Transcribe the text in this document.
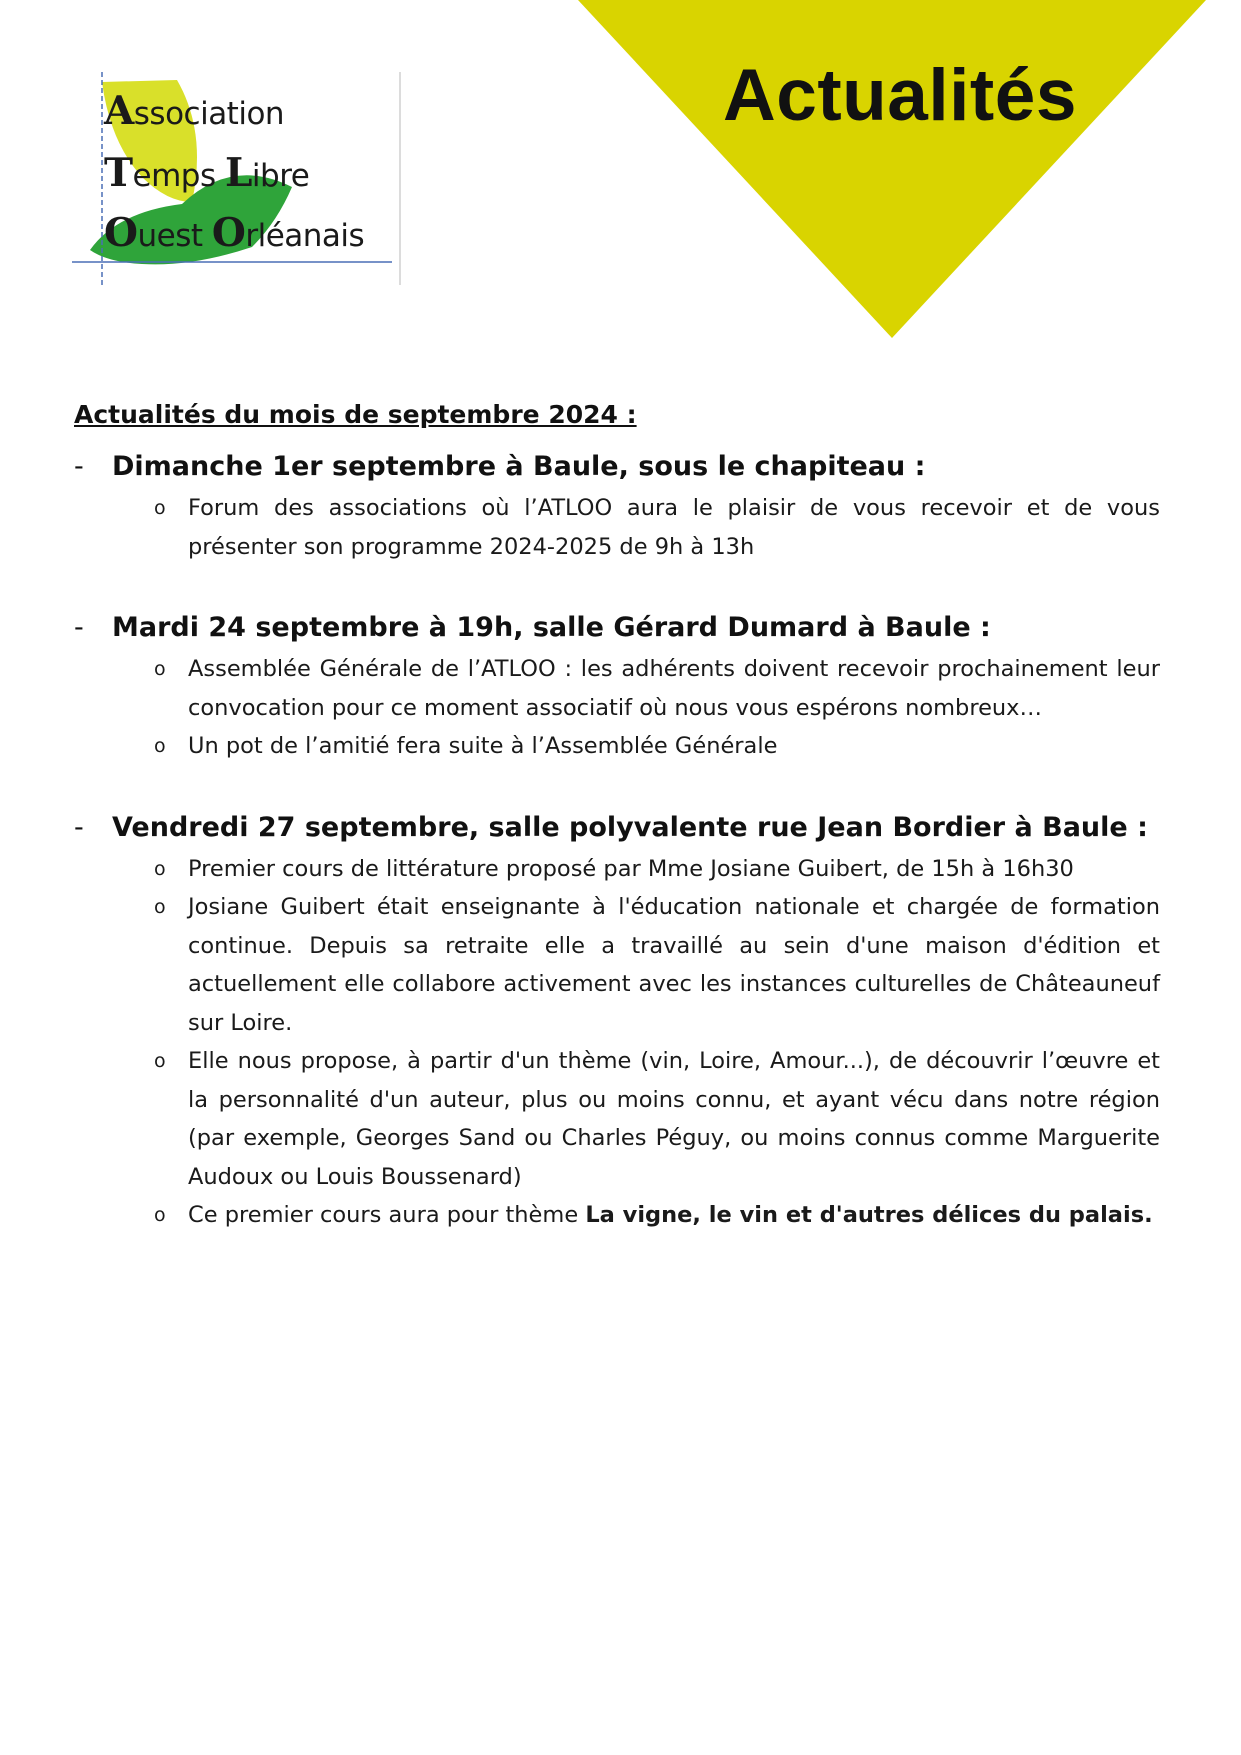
Actualités
Association
Temps Libre
Ouest Orléanais
Actualités du mois de septembre 2024 :
-	Dimanche 1er septembre à Baule, sous le chapiteau :
o Forum des associations où l’ATLOO aura le plaisir de vous recevoir et de vous présenter son programme 2024-2025 de 9h à 13h
-	Mardi 24 septembre à 19h, salle Gérard Dumard à Baule :
o Assemblée Générale de l’ATLOO : les adhérents doivent recevoir prochainement leur convocation pour ce moment associatif où nous vous espérons nombreux…
o Un pot de l’amitié fera suite à l’Assemblée Générale
-	Vendredi 27 septembre, salle polyvalente rue Jean Bordier à Baule :
o Premier cours de littérature proposé par Mme Josiane Guibert, de 15h à 16h30
o Josiane Guibert était enseignante à l'éducation nationale et chargée de formation continue. Depuis sa retraite elle a travaillé au sein d'une maison d'édition et actuellement elle collabore activement avec les instances culturelles de Châteauneuf sur Loire.
o Elle nous propose, à partir d'un thème (vin, Loire, Amour...), de découvrir l’œuvre et la personnalité d'un auteur, plus ou moins connu, et ayant vécu dans notre région (par exemple, Georges Sand ou Charles Péguy, ou moins connus comme Marguerite Audoux ou Louis Boussenard)
o Ce premier cours aura pour thème La vigne, le vin et d'autres délices du palais.
